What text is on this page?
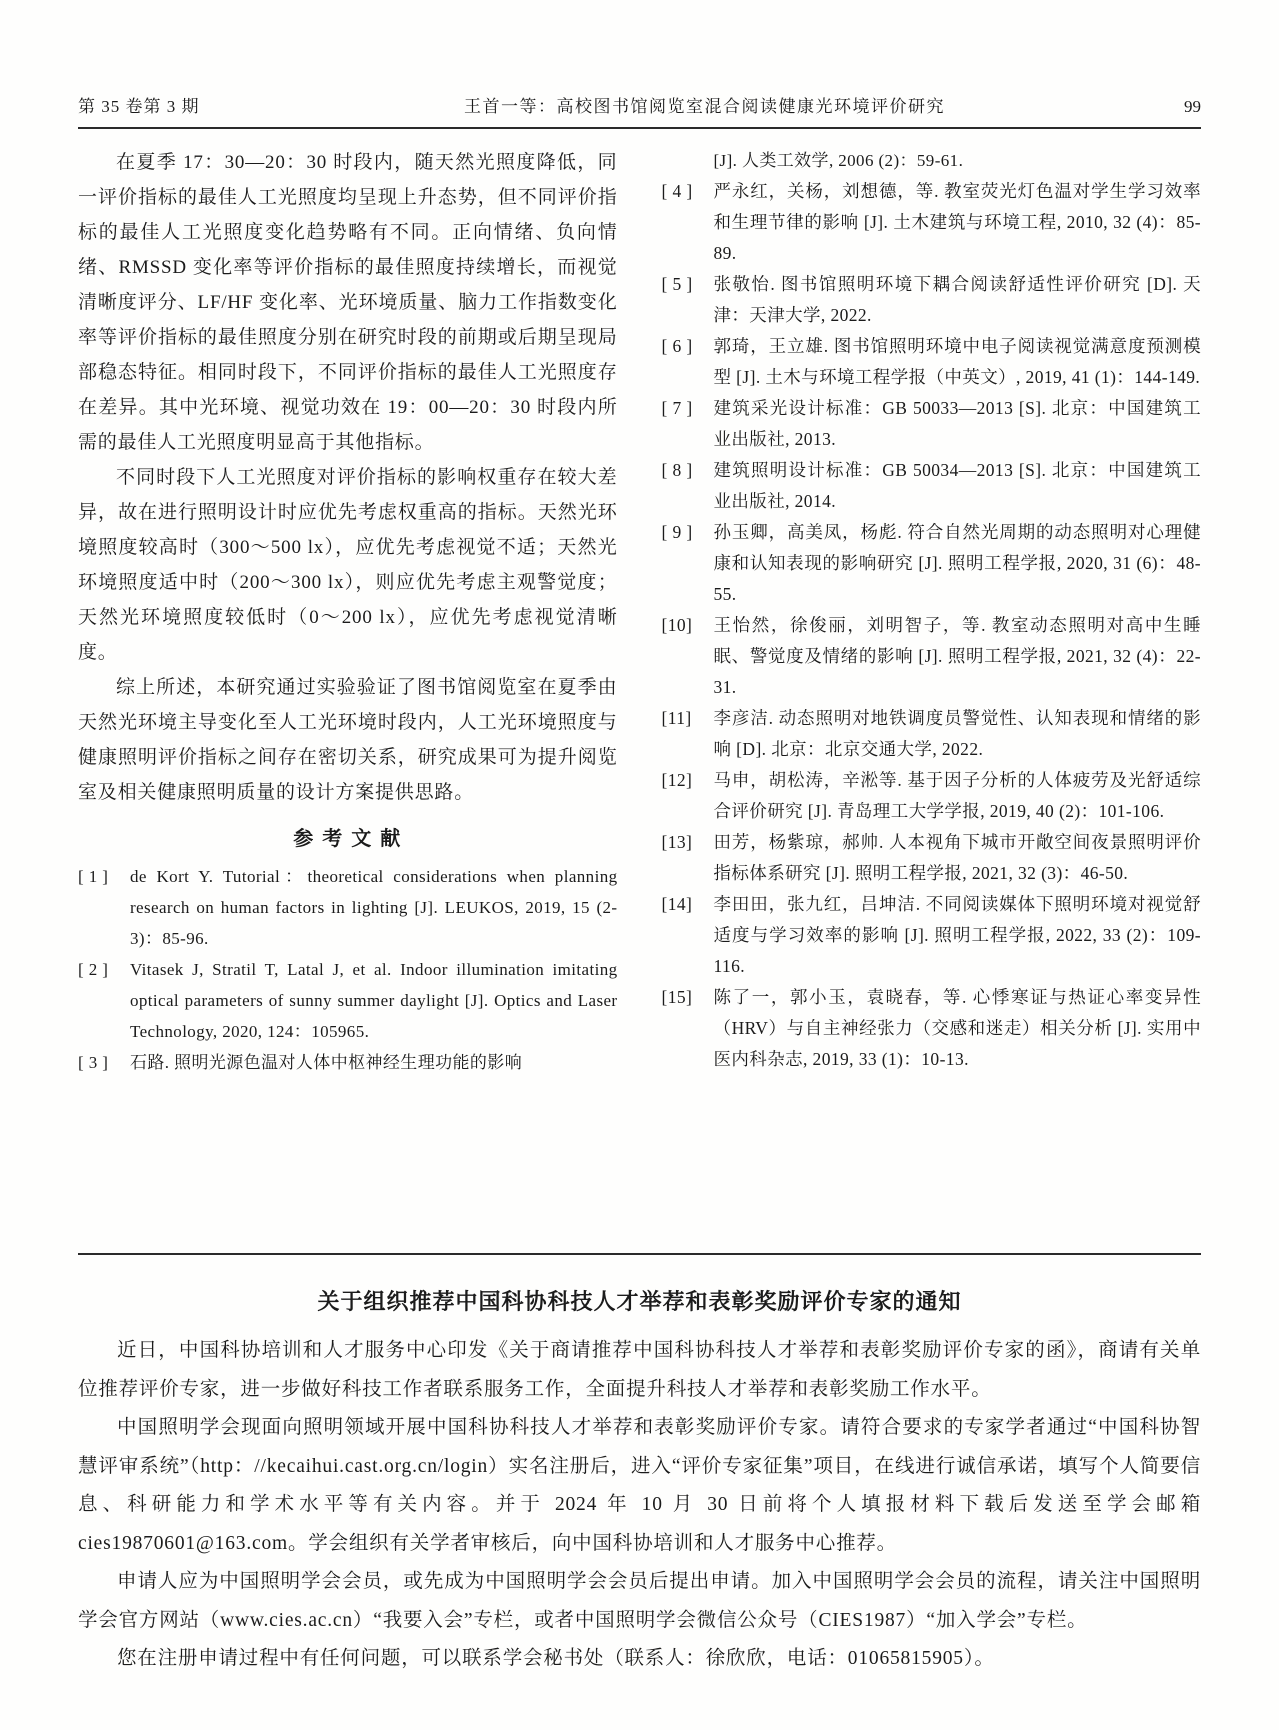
第 35 卷第 3 期	王首一等：高校图书馆阅览室混合阅读健康光环境评价研究	99

在夏季 17：30—20：30 时段内，随天然光照度降低，同一评价指标的最佳人工光照度均呈现上升态势，但不同评价指标的最佳人工光照度变化趋势略有不同。正向情绪、负向情绪、RMSSD 变化率等评价指标的最佳照度持续增长，而视觉清晰度评分、LF/HF 变化率、光环境质量、脑力工作指数变化率等评价指标的最佳照度分别在研究时段的前期或后期呈现局部稳态特征。相同时段下，不同评价指标的最佳人工光照度存在差异。其中光环境、视觉功效在 19：00—20：30 时段内所需的最佳人工光照度明显高于其他指标。

不同时段下人工光照度对评价指标的影响权重存在较大差异，故在进行照明设计时应优先考虑权重高的指标。天然光环境照度较高时（300～500 lx），应优先考虑视觉不适；天然光环境照度适中时（200～300 lx），则应优先考虑主观警觉度；天然光环境照度较低时（0～200 lx），应优先考虑视觉清晰度。

综上所述，本研究通过实验验证了图书馆阅览室在夏季由天然光环境主导变化至人工光环境时段内，人工光环境照度与健康照明评价指标之间存在密切关系，研究成果可为提升阅览室及相关健康照明质量的设计方案提供思路。

参 考 文 献
[ 1 ] de Kort Y. Tutorial：theoretical considerations when planning research on human factors in lighting [J]. LEUKOS, 2019, 15 (2-3)：85-96.
[ 2 ] Vitasek J, Stratil T, Latal J, et al. Indoor illumination imitating optical parameters of sunny summer daylight [J]. Optics and Laser Technology, 2020, 124：105965.
[ 3 ] 石路. 照明光源色温对人体中枢神经生理功能的影响
[J]. 人类工效学, 2006 (2)：59-61.
[ 4 ] 严永红，关杨，刘想德，等. 教室荧光灯色温对学生学习效率和生理节律的影响 [J]. 土木建筑与环境工程, 2010, 32 (4)：85-89.
[ 5 ] 张敬怡. 图书馆照明环境下耦合阅读舒适性评价研究 [D]. 天津：天津大学, 2022.
[ 6 ] 郭琦，王立雄. 图书馆照明环境中电子阅读视觉满意度预测模型 [J]. 土木与环境工程学报（中英文）, 2019, 41 (1)：144-149.
[ 7 ] 建筑采光设计标准：GB 50033—2013 [S]. 北京：中国建筑工业出版社, 2013.
[ 8 ] 建筑照明设计标准：GB 50034—2013 [S]. 北京：中国建筑工业出版社, 2014.
[ 9 ] 孙玉卿，高美凤，杨彪. 符合自然光周期的动态照明对心理健康和认知表现的影响研究 [J]. 照明工程学报, 2020, 31 (6)：48-55.
[10] 王怡然，徐俊丽，刘明智子，等. 教室动态照明对高中生睡眠、警觉度及情绪的影响 [J]. 照明工程学报, 2021, 32 (4)：22-31.
[11] 李彦洁. 动态照明对地铁调度员警觉性、认知表现和情绪的影响 [D]. 北京：北京交通大学, 2022.
[12] 马申，胡松涛，辛淞等. 基于因子分析的人体疲劳及光舒适综合评价研究 [J]. 青岛理工大学学报, 2019, 40 (2)：101-106.
[13] 田芳，杨紫琼，郝帅. 人本视角下城市开敞空间夜景照明评价指标体系研究 [J]. 照明工程学报, 2021, 32 (3)：46-50.
[14] 李田田，张九红，吕坤洁. 不同阅读媒体下照明环境对视觉舒适度与学习效率的影响 [J]. 照明工程学报, 2022, 33 (2)：109-116.
[15] 陈了一，郭小玉，袁晓春，等. 心悸寒证与热证心率变异性（HRV）与自主神经张力（交感和迷走）相关分析 [J]. 实用中医内科杂志, 2019, 33 (1)：10-13.
关于组织推荐中国科协科技人才举荐和表彰奖励评价专家的通知

近日，中国科协培训和人才服务中心印发《关于商请推荐中国科协科技人才举荐和表彰奖励评价专家的函》，商请有关单位推荐评价专家，进一步做好科技工作者联系服务工作，全面提升科技人才举荐和表彰奖励工作水平。

中国照明学会现面向照明领域开展中国科协科技人才举荐和表彰奖励评价专家。请符合要求的专家学者通过“中国科协智慧评审系统”（http：//kecaihui.cast.org.cn/login）实名注册后，进入“评价专家征集”项目，在线进行诚信承诺，填写个人简要信息、科研能力和学术水平等有关内容。并于 2024 年 10 月 30 日前将个人填报材料下载后发送至学会邮箱 cies19870601@163.com。学会组织有关学者审核后，向中国科协培训和人才服务中心推荐。

申请人应为中国照明学会会员，或先成为中国照明学会会员后提出申请。加入中国照明学会会员的流程，请关注中国照明学会官方网站（www.cies.ac.cn）“我要入会”专栏，或者中国照明学会微信公众号（CIES1987）“加入学会”专栏。

您在注册申请过程中有任何问题，可以联系学会秘书处（联系人：徐欣欣，电话：01065815905）。
